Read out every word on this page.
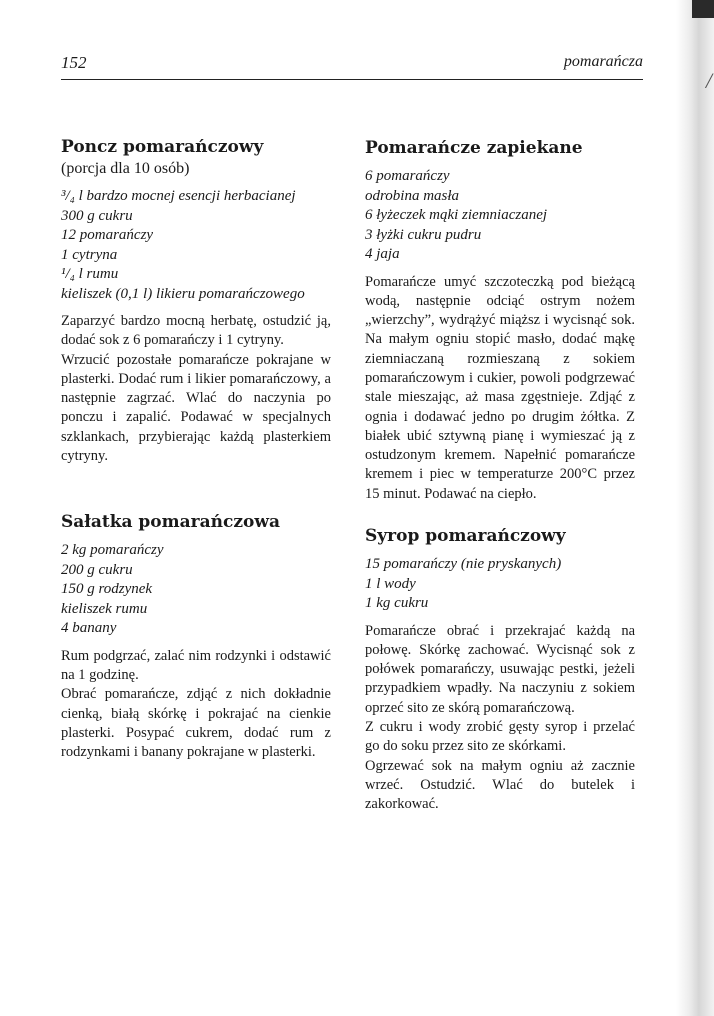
/
152	pomarańcza
Poncz pomarańczowy

(porcja dla 10 osób)

³/₄ l bardzo mocnej esencji herbacianej
300 g cukru
12 pomarańczy
1 cytryna
¹/₄ l rumu
kieliszek (0,1 l) likieru pomarańczowego

Zaparzyć bardzo mocną herbatę, ostudzić ją, dodać sok z 6 pomarańczy i 1 cytryny.

Wrzucić pozostałe pomarańcze pokrajane w plasterki. Dodać rum i likier pomarańczowy, a następnie zagrzać. Wlać do naczynia po ponczu i zapalić. Podawać w specjalnych szklankach, przybierając każdą plasterkiem cytryny.

Sałatka pomarańczowa
2 kg pomarańczy
200 g cukru
150 g rodzynek
kieliszek rumu
4 banany

Rum podgrzać, zalać nim rodzynki i odstawić na 1 godzinę.

Obrać pomarańcze, zdjąć z nich dokładnie cienką, białą skórkę i pokrajać na cienkie plasterki. Posypać cukrem, dodać rum z rodzynkami i banany pokrajane w plasterki.

Pomarańcze zapiekane
6 pomarańczy
odrobina masła
6 łyżeczek mąki ziemniaczanej
3 łyżki cukru pudru
4 jaja

Pomarańcze umyć szczoteczką pod bieżącą wodą, następnie odciąć ostrym nożem „wierzchy”, wydrążyć miąższ i wycisnąć sok. Na małym ogniu stopić masło, dodać mąkę ziemniaczaną rozmieszaną z sokiem pomarańczowym i cukier, powoli podgrzewać stale mieszając, aż masa zgęstnieje. Zdjąć z ognia i dodawać jedno po drugim żółtka. Z białek ubić sztywną pianę i wymieszać ją z ostudzonym kremem. Napełnić pomarańcze kremem i piec w temperaturze 200°C przez 15 minut. Podawać na ciepło.

Syrop pomarańczowy
15 pomarańczy (nie pryskanych)
1 l wody
1 kg cukru

Pomarańcze obrać i przekrajać każdą na połowę. Skórkę zachować. Wycisnąć sok z połówek pomarańczy, usuwając pestki, jeżeli przypadkiem wpadły. Na naczyniu z sokiem oprzeć sito ze skórą pomarańczową.

Z cukru i wody zrobić gęsty syrop i przelać go do soku przez sito ze skórkami.

Ogrzewać sok na małym ogniu aż zacznie wrzeć. Ostudzić. Wlać do butelek i zakorkować.
